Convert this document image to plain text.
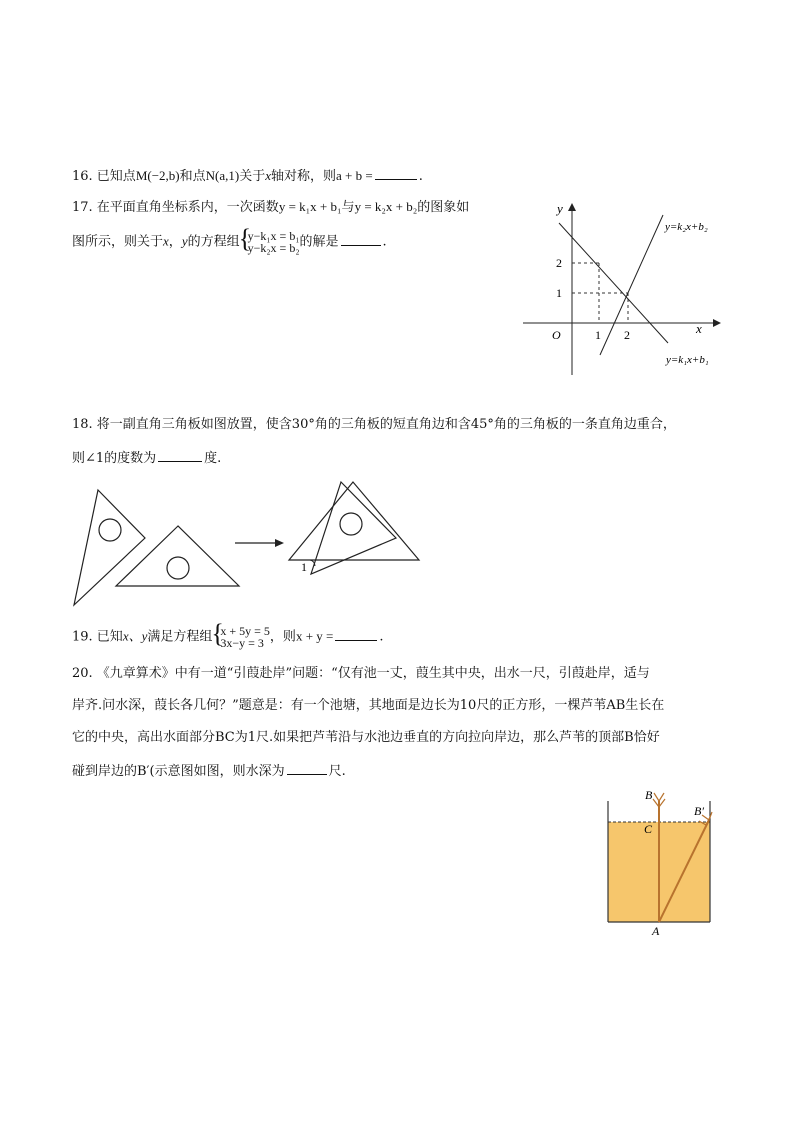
16. 已知点M(−2,b)和点N(a,1)关于x轴对称，则a + b =	.
17. 在平面直角坐标系内，一次函数y = k₁x + b₁与y = k₂x + b₂的图象如
图所示，则关于x，y的方程组 { y−k₁x = b₁
y−k₂x = b₂ 的解是	.
y
x
O	1 2
1
2
y=k₂x+b₂
y=k₁x+b₁
18. 将一副直角三角板如图放置，使含30°角的三角板的短直角边和含45°角的三角板的一条直角边重合，
则∠1的度数为	度.
1
19. 已知x、y满足方程组 { x + 5y = 5
3x−y = 3 ，则x + y =	.
20. 《九章算术》中有一道“引葭赴岸”问题：“仅有池一丈，葭生其中央，出水一尺，引葭赴岸，适与
岸齐.问水深，葭长各几何？”题意是：有一个池塘，其地面是边长为10尺的正方形，一棵芦苇AB生长在
它的中央，高出水面部分BC为1尺.如果把芦苇沿与水池边垂直的方向拉向岸边，那么芦苇的顶部B恰好
碰到岸边的B′(示意图如图，则水深为	尺.
B
B′
C
A
